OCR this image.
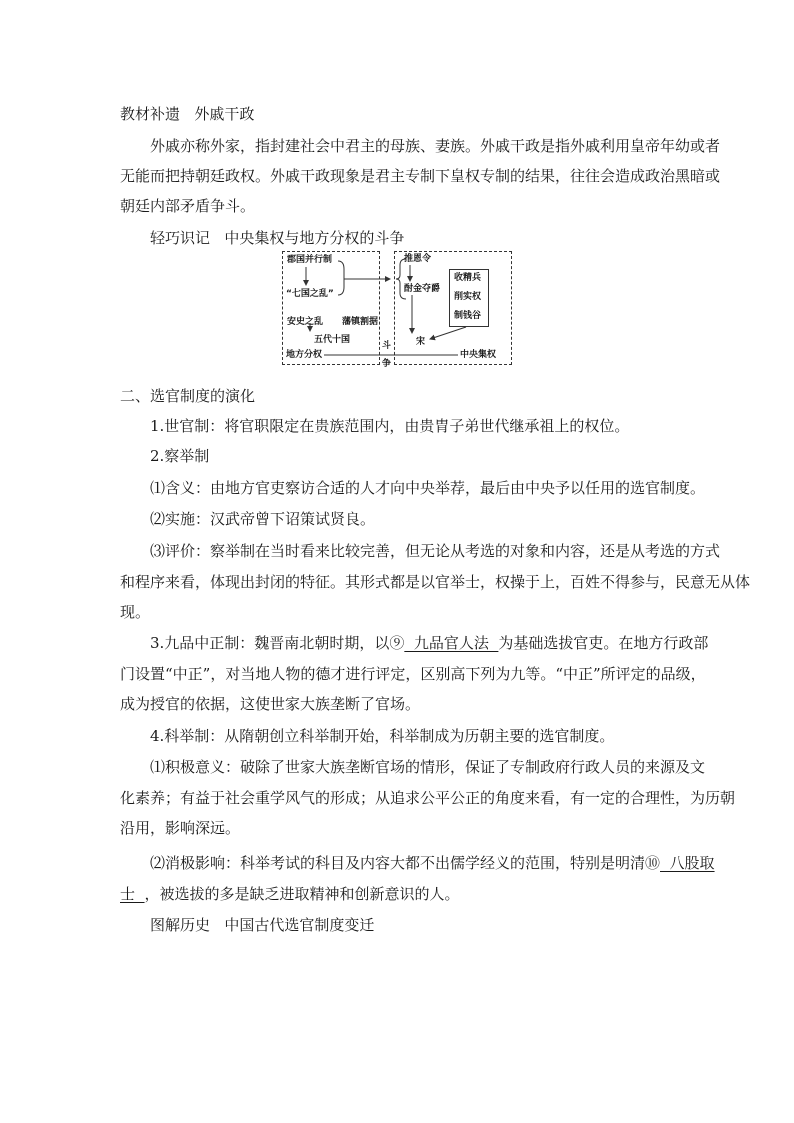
教材补遗 外戚干政
外戚亦称外家，指封建社会中君主的母族、妻族。外戚干政是指外戚利用皇帝年幼或者
无能而把持朝廷政权。外戚干政现象是君主专制下皇权专制的结果，往往会造成政治黑暗或
朝廷内部矛盾争斗。
轻巧识记 中央集权与地方分权的斗争
郡国并行制
“七国之乱”
推恩令
酎金夺爵
收精兵
削实权
制钱谷
安史之乱 藩镇割据
五代十国	宋
地方分权	中央集权
斗
争
二、选官制度的演化
1.世官制：将官职限定在贵族范围内，由贵胄子弟世代继承祖上的权位。
2.察举制
⑴含义：由地方官吏察访合适的人才向中央举荐，最后由中央予以任用的选官制度。
⑵实施：汉武帝曾下诏策试贤良。
⑶评价：察举制在当时看来比较完善，但无论从考选的对象和内容，还是从考选的方式
和程序来看，体现出封闭的特征。其形式都是以官举士，权操于上，百姓不得参与，民意无从体
现。
3.九品中正制：魏晋南北朝时期，以⑨  九品官人法  为基础选拔官吏。在地方行政部
门设置“中正”，对当地人物的德才进行评定，区别高下列为九等。“中正”所评定的品级，
成为授官的依据，这使世家大族垄断了官场。
4.科举制：从隋朝创立科举制开始，科举制成为历朝主要的选官制度。
⑴积极意义：破除了世家大族垄断官场的情形，保证了专制政府行政人员的来源及文
化素养；有益于社会重学风气的形成；从追求公平公正的角度来看，有一定的合理性，为历朝
沿用，影响深远。
⑵消极影响：科举考试的科目及内容大都不出儒学经义的范围，特别是明清⑩  八股取
士  ，被选拔的多是缺乏进取精神和创新意识的人。
图解历史 中国古代选官制度变迁
